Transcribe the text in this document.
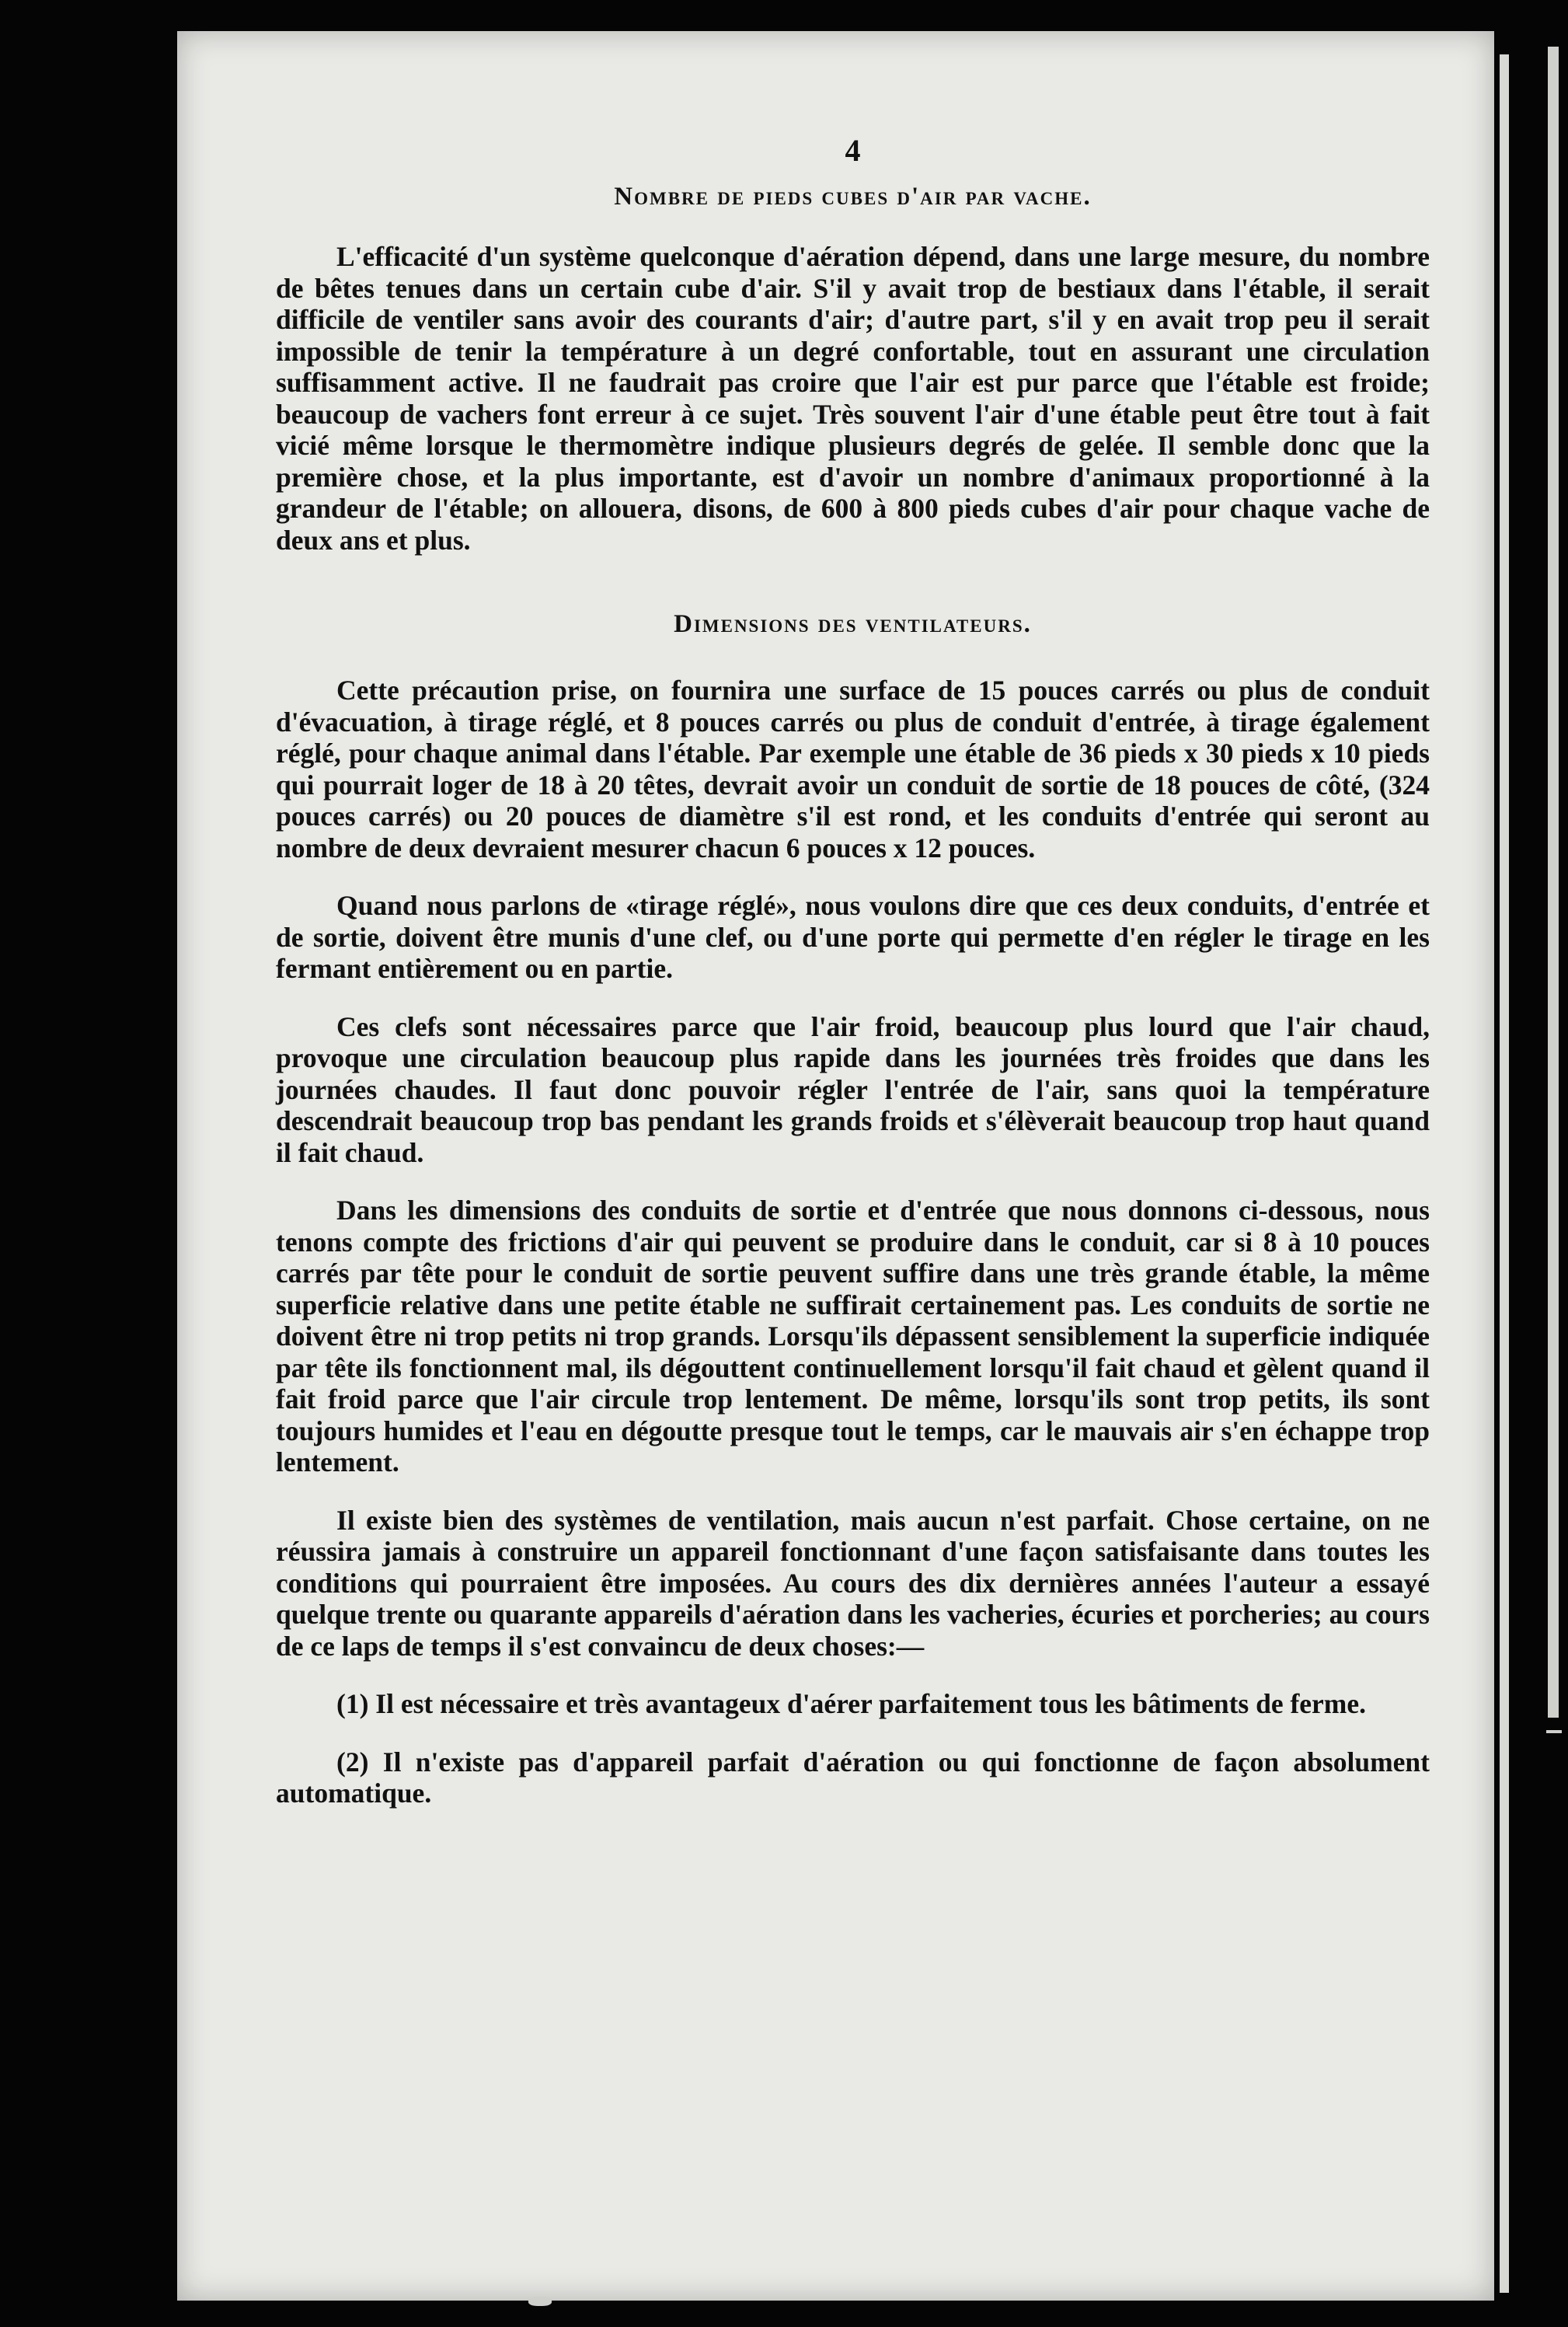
4
Nombre de pieds cubes d'air par vache.

L'efficacité d'un système quelconque d'aération dépend, dans une large mesure, du nombre de bêtes tenues dans un certain cube d'air. S'il y avait trop de bestiaux dans l'étable, il serait difficile de ventiler sans avoir des courants d'air; d'autre part, s'il y en avait trop peu il serait impossible de tenir la température à un degré confortable, tout en assurant une circulation suffisamment active. Il ne faudrait pas croire que l'air est pur parce que l'étable est froide; beaucoup de vachers font erreur à ce sujet. Très souvent l'air d'une étable peut être tout à fait vicié même lorsque le thermomètre indique plusieurs degrés de gelée. Il semble donc que la première chose, et la plus importante, est d'avoir un nombre d'animaux proportionné à la grandeur de l'étable; on allouera, disons, de 600 à 800 pieds cubes d'air pour chaque vache de deux ans et plus.

Dimensions des ventilateurs.

Cette précaution prise, on fournira une surface de 15 pouces carrés ou plus de conduit d'évacuation, à tirage réglé, et 8 pouces carrés ou plus de conduit d'entrée, à tirage également réglé, pour chaque animal dans l'étable. Par exemple une étable de 36 pieds x 30 pieds x 10 pieds qui pourrait loger de 18 à 20 têtes, devrait avoir un conduit de sortie de 18 pouces de côté, (324 pouces carrés) ou 20 pouces de diamètre s'il est rond, et les conduits d'entrée qui seront au nombre de deux devraient mesurer chacun 6 pouces x 12 pouces.

Quand nous parlons de «tirage réglé», nous voulons dire que ces deux conduits, d'entrée et de sortie, doivent être munis d'une clef, ou d'une porte qui permette d'en régler le tirage en les fermant entièrement ou en partie.

Ces clefs sont nécessaires parce que l'air froid, beaucoup plus lourd que l'air chaud, provoque une circulation beaucoup plus rapide dans les journées très froides que dans les journées chaudes. Il faut donc pouvoir régler l'entrée de l'air, sans quoi la température descendrait beaucoup trop bas pendant les grands froids et s'élèverait beaucoup trop haut quand il fait chaud.

Dans les dimensions des conduits de sortie et d'entrée que nous donnons ci-dessous, nous tenons compte des frictions d'air qui peuvent se produire dans le conduit, car si 8 à 10 pouces carrés par tête pour le conduit de sortie peuvent suffire dans une très grande étable, la même superficie relative dans une petite étable ne suffirait certainement pas. Les conduits de sortie ne doivent être ni trop petits ni trop grands. Lorsqu'ils dépassent sensiblement la superficie indiquée par tête ils fonctionnent mal, ils dégouttent continuellement lorsqu'il fait chaud et gèlent quand il fait froid parce que l'air circule trop lentement. De même, lorsqu'ils sont trop petits, ils sont toujours humides et l'eau en dégoutte presque tout le temps, car le mauvais air s'en échappe trop lentement.

Il existe bien des systèmes de ventilation, mais aucun n'est parfait. Chose certaine, on ne réussira jamais à construire un appareil fonctionnant d'une façon satisfaisante dans toutes les conditions qui pourraient être imposées. Au cours des dix dernières années l'auteur a essayé quelque trente ou quarante appareils d'aération dans les vacheries, écuries et porcheries; au cours de ce laps de temps il s'est convaincu de deux choses:—

(1) Il est nécessaire et très avantageux d'aérer parfaitement tous les bâtiments de ferme.

(2) Il n'existe pas d'appareil parfait d'aération ou qui fonctionne de façon absolument automatique.
